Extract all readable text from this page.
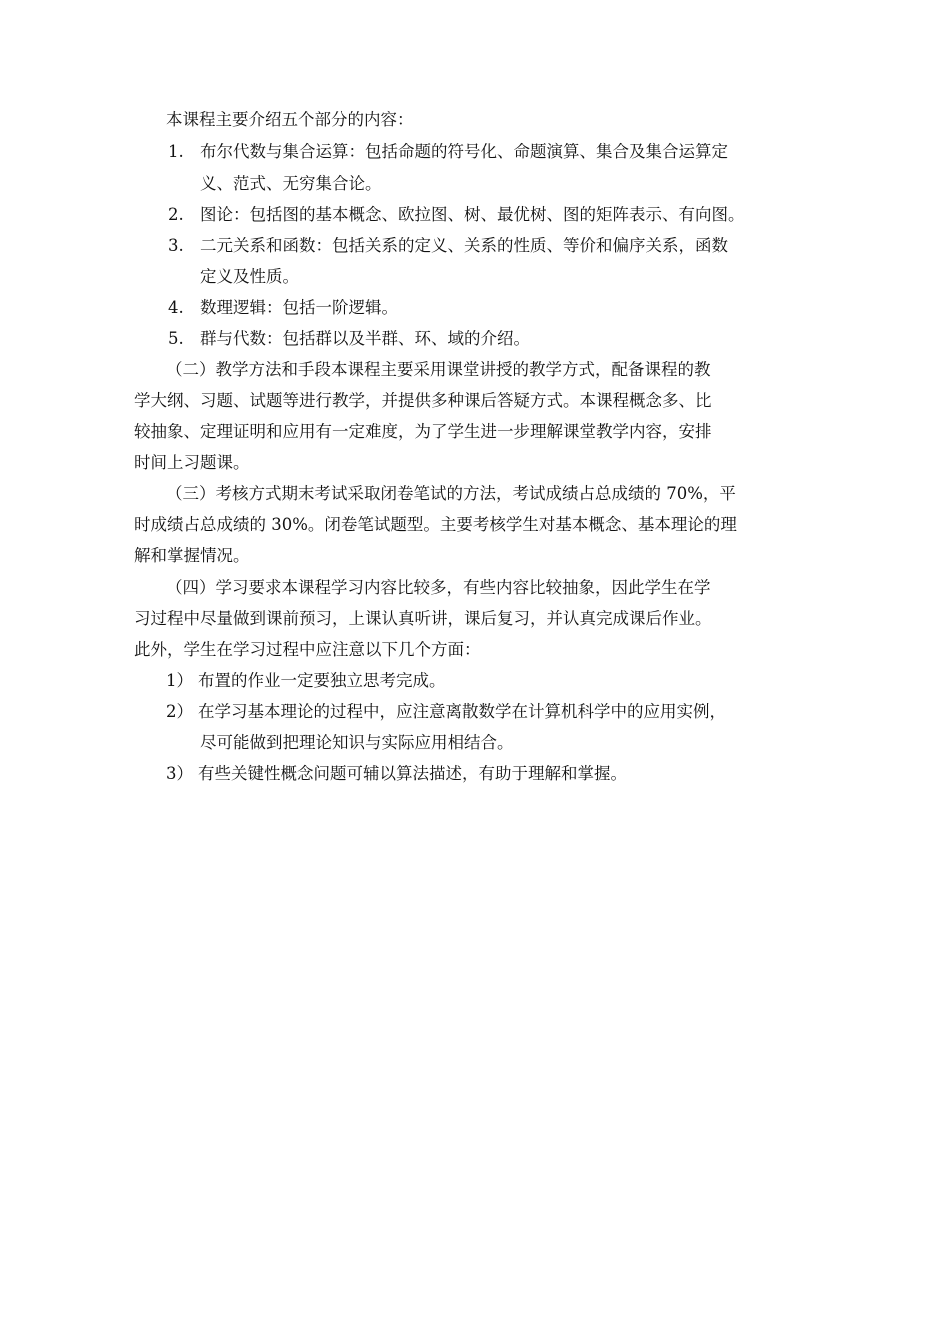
本课程主要介绍五个部分的内容：
1. 布尔代数与集合运算：包括命题的符号化、命题演算、集合及集合运算定
义、范式、无穷集合论。
2. 图论：包括图的基本概念、欧拉图、树、最优树、图的矩阵表示、有向图。
3. 二元关系和函数：包括关系的定义、关系的性质、等价和偏序关系，函数
定义及性质。
4. 数理逻辑：包括一阶逻辑。
5. 群与代数：包括群以及半群、环、域的介绍。
（二）教学方法和手段本课程主要采用课堂讲授的教学方式，配备课程的教
学大纲、习题、试题等进行教学，并提供多种课后答疑方式。本课程概念多、比
较抽象、定理证明和应用有一定难度，为了学生进一步理解课堂教学内容，安排
时间上习题课。
（三）考核方式期末考试采取闭卷笔试的方法，考试成绩占总成绩的 70%，平
时成绩占总成绩的 30%。闭卷笔试题型。主要考核学生对基本概念、基本理论的理
解和掌握情况。
（四）学习要求本课程学习内容比较多，有些内容比较抽象，因此学生在学
习过程中尽量做到课前预习，上课认真听讲，课后复习，并认真完成课后作业。
此外，学生在学习过程中应注意以下几个方面：
1） 布置的作业一定要独立思考完成。
2） 在学习基本理论的过程中，应注意离散数学在计算机科学中的应用实例，
尽可能做到把理论知识与实际应用相结合。
3） 有些关键性概念问题可辅以算法描述，有助于理解和掌握。
